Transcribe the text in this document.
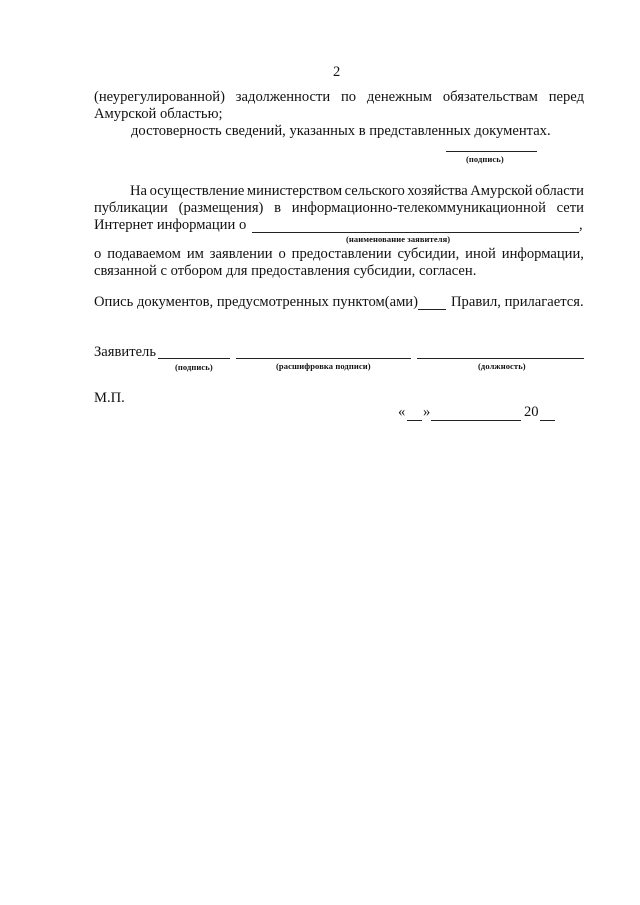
2
(неурегулированной) задолженности по денежным обязательствам перед
Амурской областью;
достоверность сведений, указанных в представленных документах.
(подпись)
На осуществление министерством сельского хозяйства Амурской области
публикации (размещения) в информационно-телекоммуникационной сети
Интернет информации о	,
(наименование заявителя)
о подаваемом им заявлении о предоставлении субсидии, иной информации,
связанной с отбором для предоставления субсидии, согласен.
Опись документов, предусмотренных пунктом(ами) Правил, прилагается.
Заявитель
(подпись)	(расшифровка подписи)	(должность)
М.П.
« »	20
